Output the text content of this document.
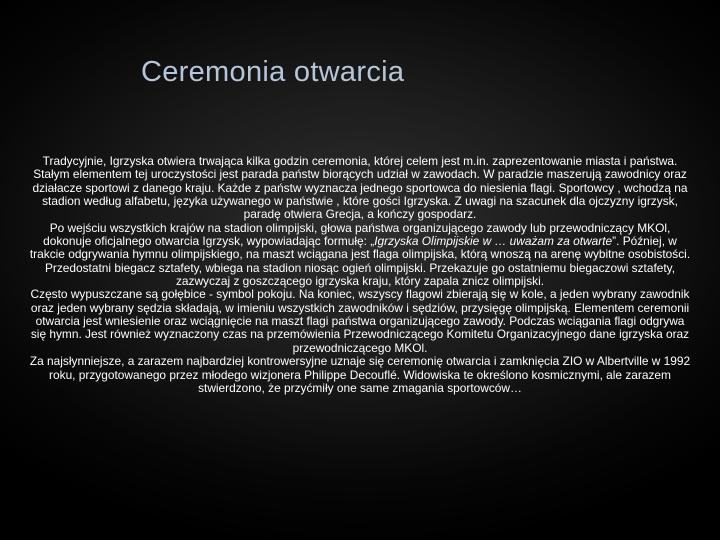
Ceremonia otwarcia

Tradycyjnie, Igrzyska otwiera trwająca kilka godzin ceremonia, której celem jest m.in. zaprezentowanie miasta i państwa. Stałym elementem tej uroczystości jest parada państw biorących udział w zawodach. W paradzie maszerują zawodnicy oraz działacze sportowi z danego kraju. Każde z państw wyznacza jednego sportowca do niesienia flagi. Sportowcy , wchodzą na stadion według alfabetu, języka używanego w państwie , które gości Igrzyska. Z uwagi na szacunek dla ojczyzny igrzysk, paradę otwiera Grecja, a kończy gospodarz.

Po wejściu wszystkich krajów na stadion olimpijski, głowa państwa organizującego zawody lub przewodniczący MKOl, dokonuje oficjalnego otwarcia Igrzysk, wypowiadając formułę: „Igrzyska Olimpijskie w … uważam za otwarte”. Później, w trakcie odgrywania hymnu olimpijskiego, na maszt wciągana jest flaga olimpijska, którą wnoszą na arenę wybitne osobistości. Przedostatni biegacz sztafety, wbiega na stadion niosąc ogień olimpijski. Przekazuje go ostatniemu biegaczowi sztafety, zazwyczaj z goszczącego igrzyska kraju, który zapala znicz olimpijski.

Często wypuszczane są gołębice - symbol pokoju. Na koniec, wszyscy flagowi zbierają się w kole, a jeden wybrany zawodnik oraz jeden wybrany sędzia składają, w imieniu wszystkich zawodników i sędziów, przysięgę olimpijską. Elementem ceremonii otwarcia jest wniesienie oraz wciągnięcie na maszt flagi państwa organizującego zawody. Podczas wciągania flagi odgrywa się hymn. Jest również wyznaczony czas na przemówienia Przewodniczącego Komitetu Organizacyjnego dane igrzyska oraz przewodniczącego MKOl.

Za najsłynniejsze, a zarazem najbardziej kontrowersyjne uznaje się ceremonię otwarcia i zamknięcia ZIO w Albertville w 1992 roku, przygotowanego przez młodego wizjonera Philippe Decouflé. Widowiska te określono kosmicznymi, ale zarazem stwierdzono, że przyćmiły one same zmagania sportowców…
